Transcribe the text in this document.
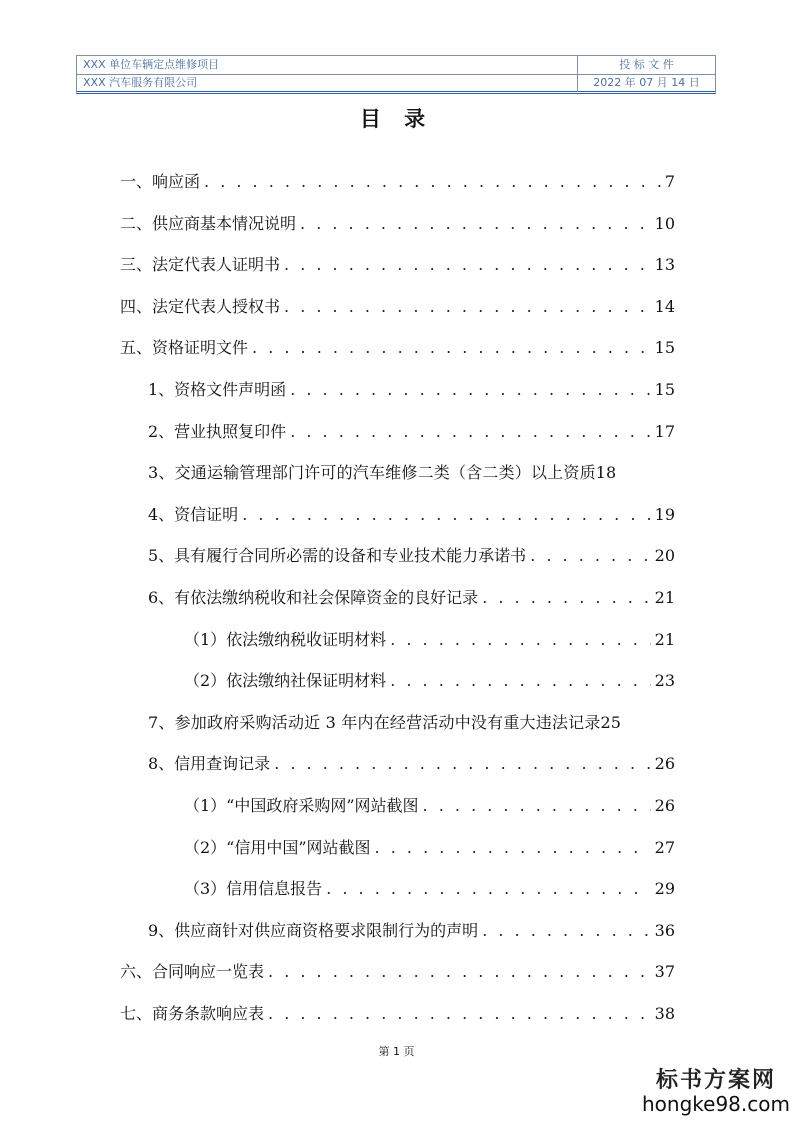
XXX 单位车辆定点维修项目	投 标 文 件
XXX 汽车服务有限公司	2022 年 07 月 14 日
目 录
一、响应函 . . .	7
二、供应商基本情况说明 . . .	10
三、法定代表人证明书 . . .	13
四、法定代表人授权书 . . .	14
五、资格证明文件 . . .	15
1、资格文件声明函 . . .	15
2、营业执照复印件 . . .	17
3、交通运输管理部门许可的汽车维修二类（含二类）以上资质 18
4、资信证明 . . .	19
5、具有履行合同所必需的设备和专业技术能力承诺书 . . .	20
6、有依法缴纳税收和社会保障资金的良好记录 . . .	21
（1）依法缴纳税收证明材料 . . .	21
（2）依法缴纳社保证明材料 . . .	23
7、参加政府采购活动近 3 年内在经营活动中没有重大违法记录 25
8、信用查询记录 . . .	26
（1）“中国政府采购网”网站截图 . . .	26
（2）“信用中国”网站截图 . . .	27
（3）信用信息报告 . . .	29
9、供应商针对供应商资格要求限制行为的声明 . . .	36
六、合同响应一览表 . . .	37
七、商务条款响应表 . . .	38
第 1 页
标书方案网
hongke98.com
